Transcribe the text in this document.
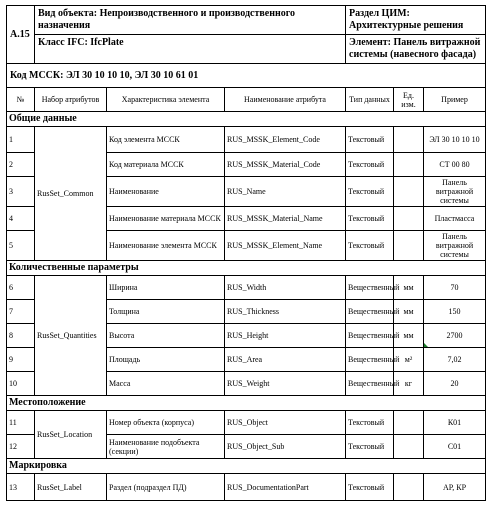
А.15	Вид объекта: Непроизводственного и производственного назначения			Раздел ЦИМ: Архитектурные решения		
	Класс IFC: IfcPlate			Элемент: Панель витражной системы (навесного фасада)		
Код МССК: ЭЛ 30 10 10 10, ЭЛ 30 10 61 01						
№	Набор атрибутов	Характеристика элемента	Наименование атрибута	Тип данных	Ед. изм.	Пример
Общие данные						
1	RusSet_Common	Код элемента МССК	RUS_MSSK_Element_Code	Текстовый		ЭЛ 30 10 10 10
2		Код материала МССК	RUS_MSSK_Material_Code	Текстовый		СТ 00 80
3		Наименование	RUS_Name	Текстовый		Панель витражной системы
4		Наименование материала МССК	RUS_MSSK_Material_Name	Текстовый		Пластмасса
5		Наименование элемента МССК	RUS_MSSK_Element_Name	Текстовый		Панель витражной системы
Количественные параметры						
6	RusSet_Quantities	Ширина	RUS_Width	Вещественный	мм	70
7		Толщина	RUS_Thickness	Вещественный	мм	150
8		Высота	RUS_Height	Вещественный	мм	2700
9		Площадь	RUS_Area	Вещественный	м²	7,02
10		Масса	RUS_Weight	Вещественный	кг	20
Местоположение						
11	RusSet_Location	Номер объекта (корпуса)	RUS_Object	Текстовый		К01
12		Наименование подобъекта (секции)	RUS_Object_Sub	Текстовый		С01
Маркировка						
13	RusSet_Label	Раздел (подраздел ПД)	RUS_DocumentationPart	Текстовый		АР, КР
